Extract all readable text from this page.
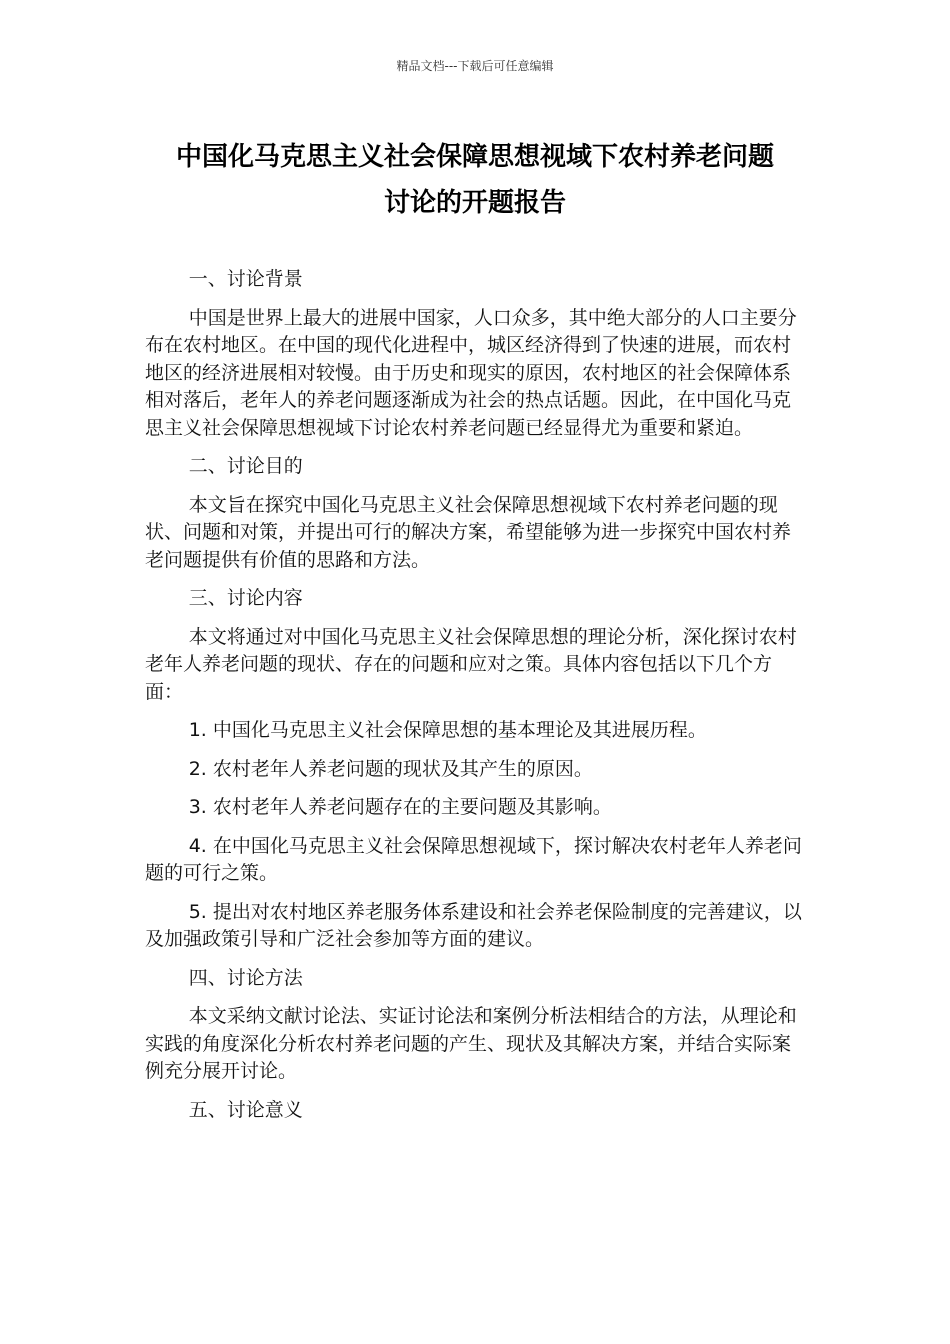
精品文档---下载后可任意编辑
中国化马克思主义社会保障思想视域下农村养老问题
讨论的开题报告

一、讨论背景

中国是世界上最大的进展中国家，人口众多，其中绝大部分的人口主要分布在农村地区。在中国的现代化进程中，城区经济得到了快速的进展，而农村地区的经济进展相对较慢。由于历史和现实的原因，农村地区的社会保障体系相对落后，老年人的养老问题逐渐成为社会的热点话题。因此，在中国化马克思主义社会保障思想视域下讨论农村养老问题已经显得尤为重要和紧迫。

二、讨论目的

本文旨在探究中国化马克思主义社会保障思想视域下农村养老问题的现状、问题和对策，并提出可行的解决方案，希望能够为进一步探究中国农村养老问题提供有价值的思路和方法。

三、讨论内容

本文将通过对中国化马克思主义社会保障思想的理论分析，深化探讨农村老年人养老问题的现状、存在的问题和应对之策。具体内容包括以下几个方面：

1. 中国化马克思主义社会保障思想的基本理论及其进展历程。

2. 农村老年人养老问题的现状及其产生的原因。

3. 农村老年人养老问题存在的主要问题及其影响。

4. 在中国化马克思主义社会保障思想视域下，探讨解决农村老年人养老问题的可行之策。

5. 提出对农村地区养老服务体系建设和社会养老保险制度的完善建议，以及加强政策引导和广泛社会参加等方面的建议。

四、讨论方法

本文采纳文献讨论法、实证讨论法和案例分析法相结合的方法，从理论和实践的角度深化分析农村养老问题的产生、现状及其解决方案，并结合实际案例充分展开讨论。

五、讨论意义
